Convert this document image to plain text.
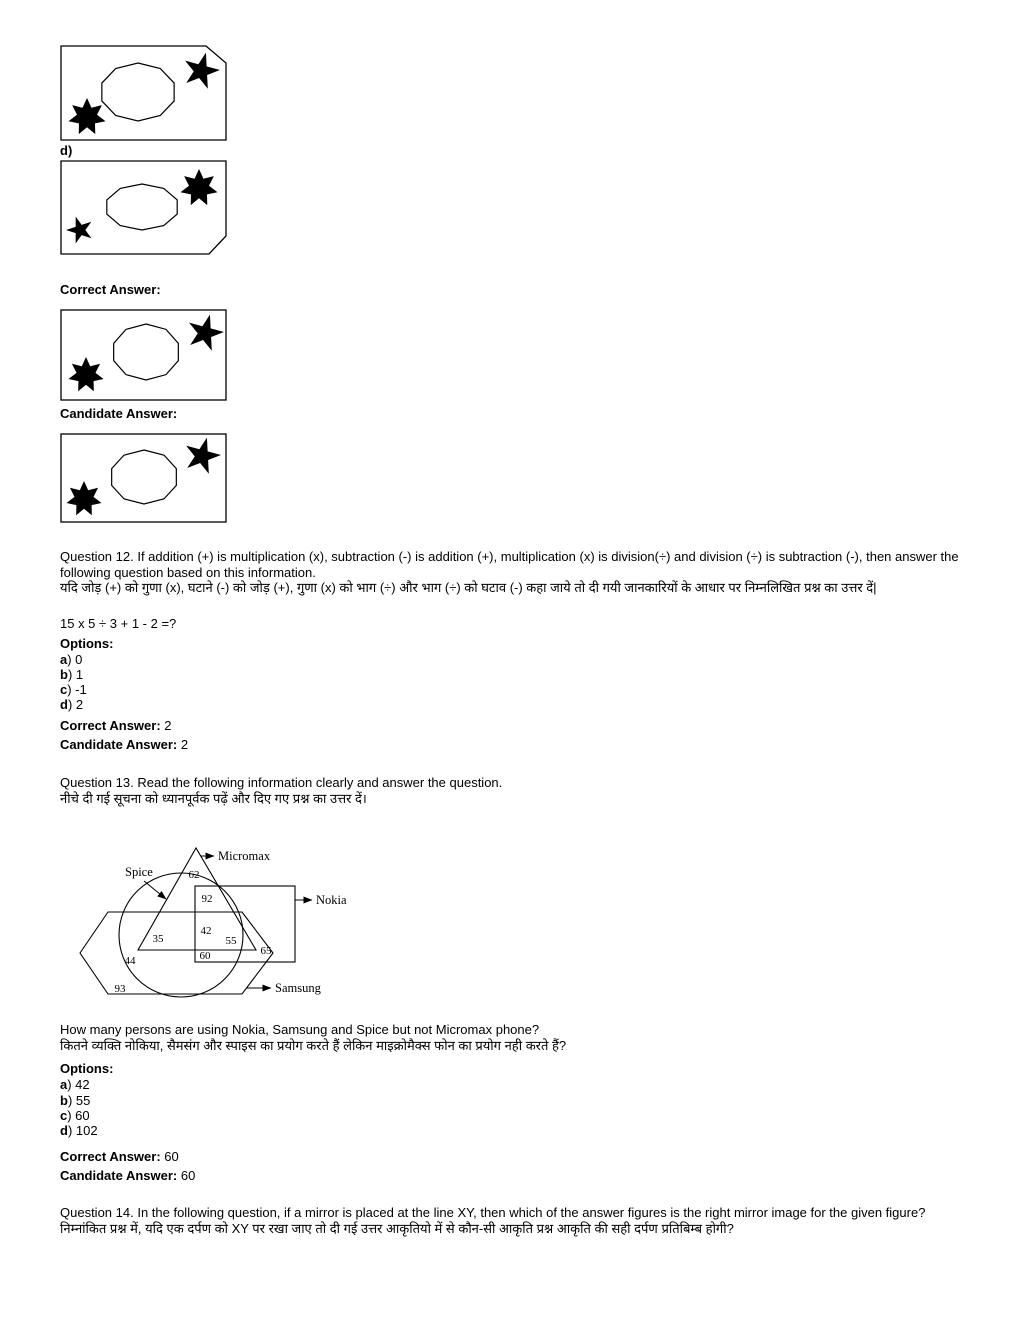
d)

Correct Answer:

Candidate Answer:

Question 12. If addition (+) is multiplication (x), subtraction (-) is addition (+), multiplication (x) is division(÷) and division (÷) is subtraction (-), then answer the following question based on this information.
यदि जोड़ (+) को गुणा (x), घटाने (-) को जोड़ (+), गुणा (x) को भाग (÷) और भाग (÷) को घटाव (-) कहा जाये तो दी गयी जानकारियों के आधार पर निम्नलिखित प्रश्न का उत्तर दें|

15 x 5 ÷ 3 + 1 - 2 =?

Options:

a) 0
b) 1
c) -1
d) 2

Correct Answer: 2

Candidate Answer: 2

Question 13. Read the following information clearly and answer the question.
नीचे दी गई सूचना को ध्यानपूर्वक पढ़ें और दिए गए प्रश्न का उत्तर दें।
Micromax
Spice
Nokia
Samsung
62
92
35
42
55
60	65
44
93
How many persons are using Nokia, Samsung and Spice but not Micromax phone?
कितने व्यक्ति नोकिया, सैमसंग और स्पाइस का प्रयोग करते हैं लेकिन माइक्रोमैक्स फोन का प्रयोग नही करते हैं?

Options:

a) 42
b) 55
c) 60
d) 102

Correct Answer: 60

Candidate Answer: 60

Question 14. In the following question, if a mirror is placed at the line XY, then which of the answer figures is the right mirror image for the given figure?
निम्नांकित प्रश्न में, यदि एक दर्पण को XY पर रखा जाए तो दी गई उत्तर आकृतियो में से कौन-सी आकृति प्रश्न आकृति की सही दर्पण प्रतिबिम्ब होगी?
